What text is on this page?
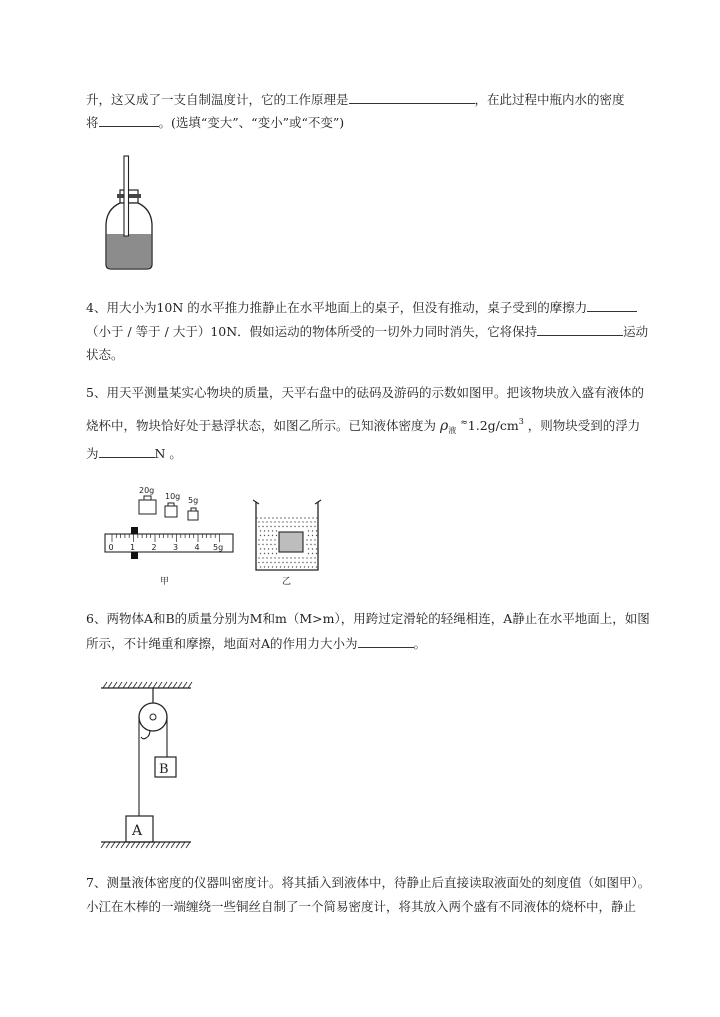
升，这又成了一支自制温度计，它的工作原理是	，在此过程中瓶内水的密度
将	。(选填“变大”、“变小”或“不变”)
4、用大小为10N 的水平推力推静止在水平地面上的桌子，但没有推动，桌子受到的摩擦力
（小于 / 等于 / 大于）10N．假如运动的物体所受的一切外力同时消失，它将保持	运动
状态。
5、用天平测量某实心物块的质量，天平右盘中的砝码及游码的示数如图甲。把该物块放入盛有液体的
烧杯中，物块恰好处于悬浮状态，如图乙所示。已知液体密度为 $\rho_液$ $^\approx 1.2g/cm^3$ ，则物块受到的浮力
为	N 。
20g
10g 5g
0 1 2 3 4 5g
甲	乙
6、两物体A和B的质量分别为M和m（M>m），用跨过定滑轮的轻绳相连，A静止在水平地面上，如图
所示，不计绳重和摩擦，地面对A的作用力大小为	。
B
A
7、测量液体密度的仪器叫密度计。将其插入到液体中，待静止后直接读取液面处的刻度值（如图甲）。
小江在木棒的一端缠绕一些铜丝自制了一个简易密度计，将其放入两个盛有不同液体的烧杯中，静止
